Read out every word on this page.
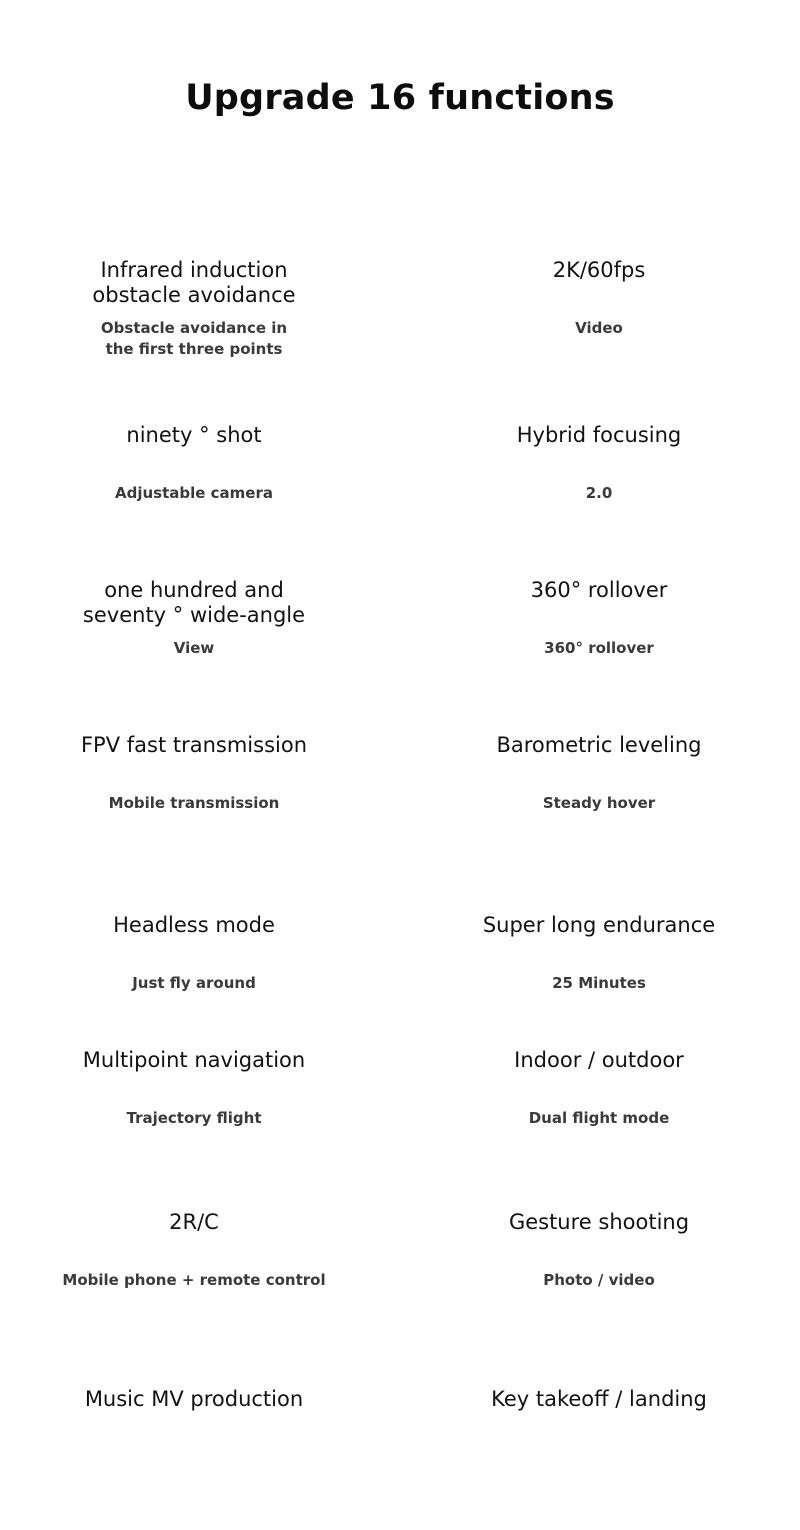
Upgrade 16 functions
Infrared induction
obstacle avoidance
Obstacle avoidance in
the first three points
2K/60fps
Video
ninety ° shot
Adjustable camera
Hybrid focusing
2.0
one hundred and
seventy ° wide-angle
View
360° rollover
360° rollover
FPV fast transmission
Mobile transmission
Barometric leveling
Steady hover
Headless mode
Just fly around
Super long endurance
25 Minutes
Multipoint navigation
Trajectory flight
Indoor / outdoor
Dual flight mode
2R/C
Mobile phone + remote control
Gesture shooting
Photo / video
Music MV production	Key takeoff / landing
